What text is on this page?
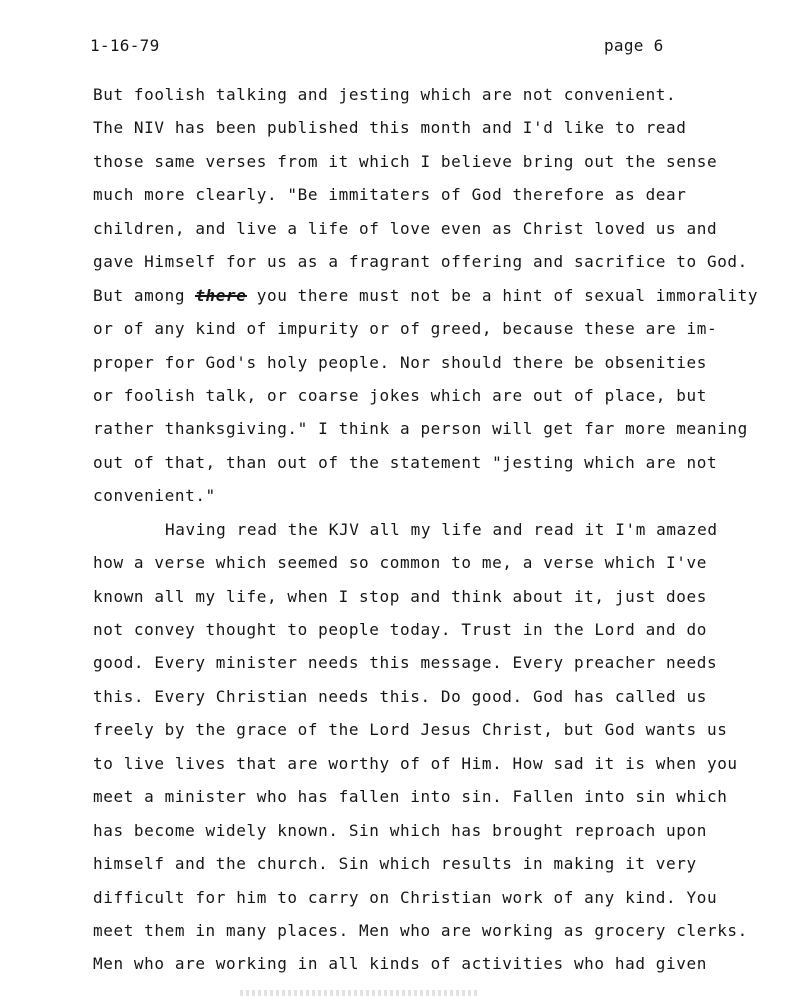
1-16-79	page 6
But foolish talking and jesting which are not convenient.
The NIV has been published this month and I'd like to read
those same verses from it which I believe bring out the sense
much more clearly. "Be immitaters of God therefore as dear
children, and live a life of love even as Christ loved us and
gave Himself for us as a fragrant offering and sacrifice to God.
But among there you there must not be a hint of sexual immorality
or of any kind of impurity or of greed, because these are im-
proper for God's holy people. Nor should there be obsenities
or foolish talk, or coarse jokes which are out of place, but
rather thanksgiving." I think a person will get far more meaning
out of that, than out of the statement "jesting which are not
convenient."
Having read the KJV all my life and read it I'm amazed
how a verse which seemed so common to me, a verse which I've
known all my life, when I stop and think about it, just does
not convey thought to people today. Trust in the Lord and do
good. Every minister needs this message. Every preacher needs
this. Every Christian needs this. Do good. God has called us
freely by the grace of the Lord Jesus Christ, but God wants us
to live lives that are worthy of of Him. How sad it is when you
meet a minister who has fallen into sin. Fallen into sin which
has become widely known. Sin which has brought reproach upon
himself and the church. Sin which results in making it very
difficult for him to carry on Christian work of any kind. You
meet them in many places. Men who are working as grocery clerks.
Men who are working in all kinds of activities who had given
